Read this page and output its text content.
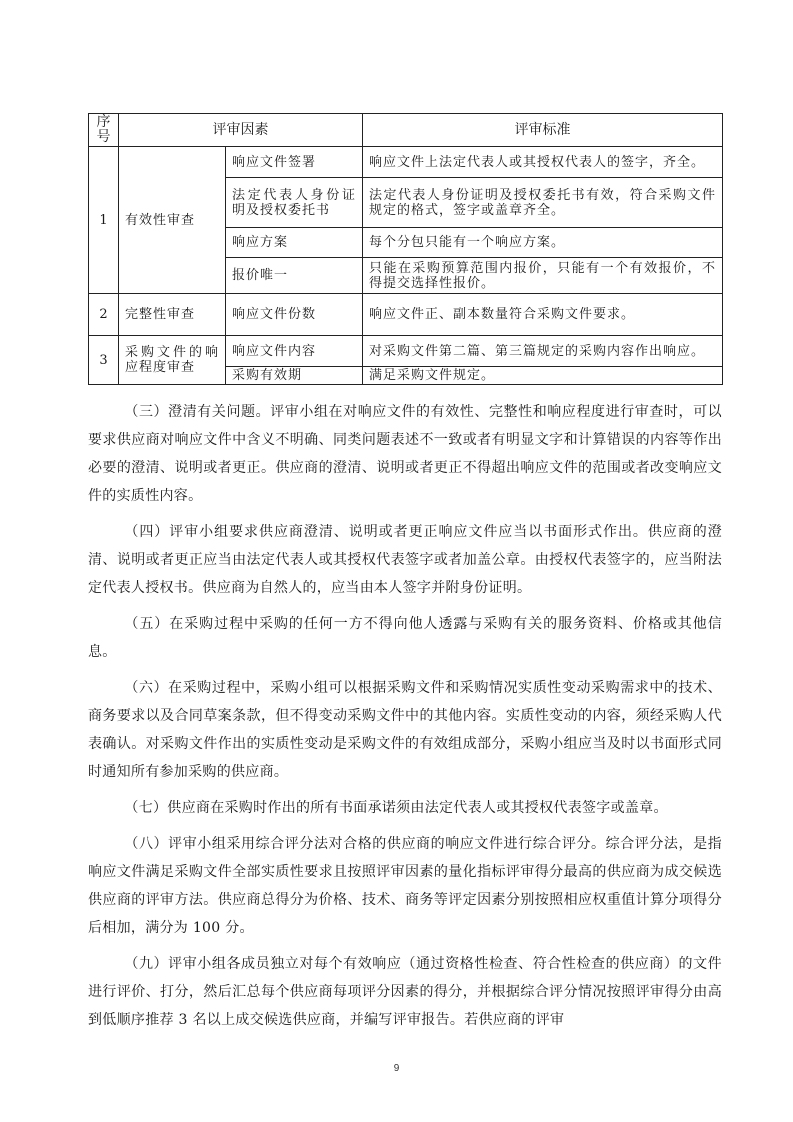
序号	评审因素		评审标准
1	有效性审查	响应文件签署	响应文件上法定代表人或其授权代表人的签字，齐全。
		法定代表人身份证明及授权委托书	法定代表人身份证明及授权委托书有效，符合采购文件规定的格式，签字或盖章齐全。
		响应方案	每个分包只能有一个响应方案。
		报价唯一	只能在采购预算范围内报价，只能有一个有效报价，不得提交选择性报价。
2	完整性审查	响应文件份数	响应文件正、副本数量符合采购文件要求。
3	采购文件的响应程度审查	响应文件内容	对采购文件第二篇、第三篇规定的采购内容作出响应。
		采购有效期	满足采购文件规定。

（三）澄清有关问题。评审小组在对响应文件的有效性、完整性和响应程度进行审查时，可以要求供应商对响应文件中含义不明确、同类问题表述不一致或者有明显文字和计算错误的内容等作出必要的澄清、说明或者更正。供应商的澄清、说明或者更正不得超出响应文件的范围或者改变响应文件的实质性内容。

（四）评审小组要求供应商澄清、说明或者更正响应文件应当以书面形式作出。供应商的澄清、说明或者更正应当由法定代表人或其授权代表签字或者加盖公章。由授权代表签字的，应当附法定代表人授权书。供应商为自然人的，应当由本人签字并附身份证明。

（五）在采购过程中采购的任何一方不得向他人透露与采购有关的服务资料、价格或其他信息。

（六）在采购过程中，采购小组可以根据采购文件和采购情况实质性变动采购需求中的技术、商务要求以及合同草案条款，但不得变动采购文件中的其他内容。实质性变动的内容，须经采购人代表确认。对采购文件作出的实质性变动是采购文件的有效组成部分，采购小组应当及时以书面形式同时通知所有参加采购的供应商。

（七）供应商在采购时作出的所有书面承诺须由法定代表人或其授权代表签字或盖章。

（八）评审小组采用综合评分法对合格的供应商的响应文件进行综合评分。综合评分法，是指响应文件满足采购文件全部实质性要求且按照评审因素的量化指标评审得分最高的供应商为成交候选供应商的评审方法。供应商总得分为价格、技术、商务等评定因素分别按照相应权重值计算分项得分后相加，满分为 100 分。

（九）评审小组各成员独立对每个有效响应（通过资格性检查、符合性检查的供应商）的文件进行评价、打分，然后汇总每个供应商每项评分因素的得分，并根据综合评分情况按照评审得分由高到低顺序推荐 3 名以上成交候选供应商，并编写评审报告。若供应商的评审

9
